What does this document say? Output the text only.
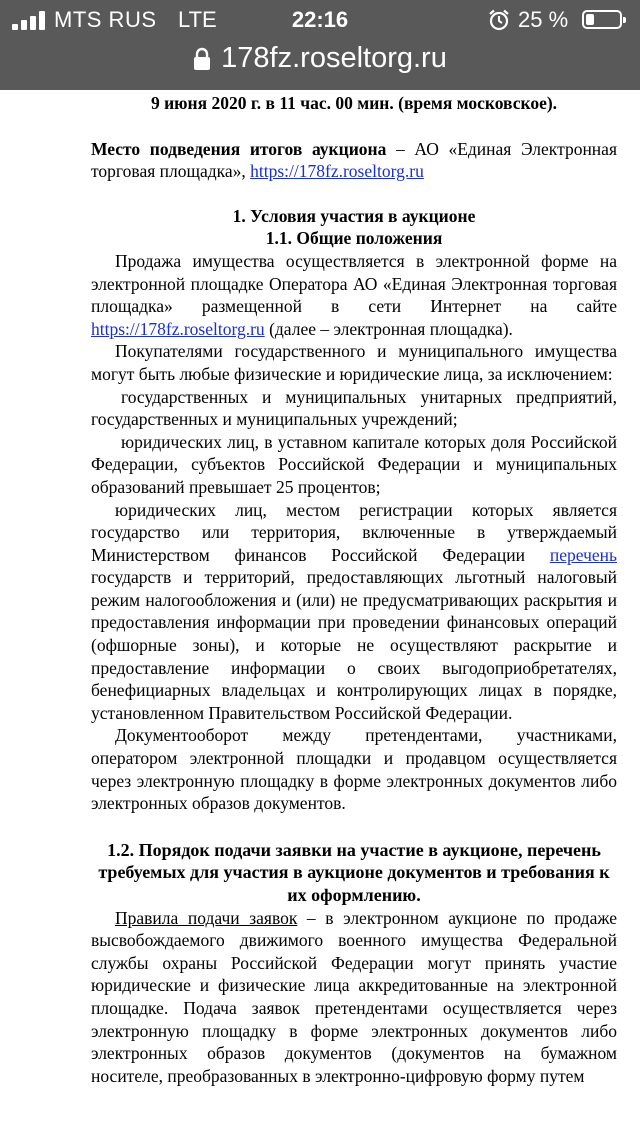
MTS RUS LTE	22:16	25 %
178fz.roseltorg.ru

9 июня 2020 г. в 11 час. 00 мин. (время московское).

Место подведения итогов аукциона – АО «Единая Электронная торговая площадка», https://178fz.roseltorg.ru

1. Условия участия в аукционе

1.1. Общие положения

Продажа имущества осуществляется в электронной форме на электронной площадке Оператора АО «Единая Электронная торговая площадка» размещенной в сети Интернет на сайте https://178fz.roseltorg.ru (далее – электронная площадка).

Покупателями государственного и муниципального имущества могут быть любые физические и юридические лица, за исключением:

государственных и муниципальных унитарных предприятий, государственных и муниципальных учреждений;

юридических лиц, в уставном капитале которых доля Российской Федерации, субъектов Российской Федерации и муниципальных образований превышает 25 процентов;

юридических лиц, местом регистрации которых является государство или территория, включенные в утверждаемый Министерством финансов Российской Федерации перечень государств и территорий, предоставляющих льготный налоговый режим налогообложения и (или) не предусматривающих раскрытия и предоставления информации при проведении финансовых операций (офшорные зоны), и которые не осуществляют раскрытие и предоставление информации о своих выгодоприобретателях, бенефициарных владельцах и контролирующих лицах в порядке, установленном Правительством Российской Федерации.

Документооборот между претендентами, участниками, оператором электронной площадки и продавцом осуществляется через электронную площадку в форме электронных документов либо электронных образов документов.

1.2. Порядок подачи заявки на участие в аукционе, перечень требуемых для участия в аукционе документов и требования к их оформлению.

Правила подачи заявок – в электронном аукционе по продаже высвобождаемого движимого военного имущества Федеральной службы охраны Российской Федерации могут принять участие юридические и физические лица аккредитованные на электронной площадке. Подача заявок претендентами осуществляется через электронную площадку в форме электронных документов либо электронных образов документов (документов на бумажном носителе, преобразованных в электронно-цифровую форму путем
